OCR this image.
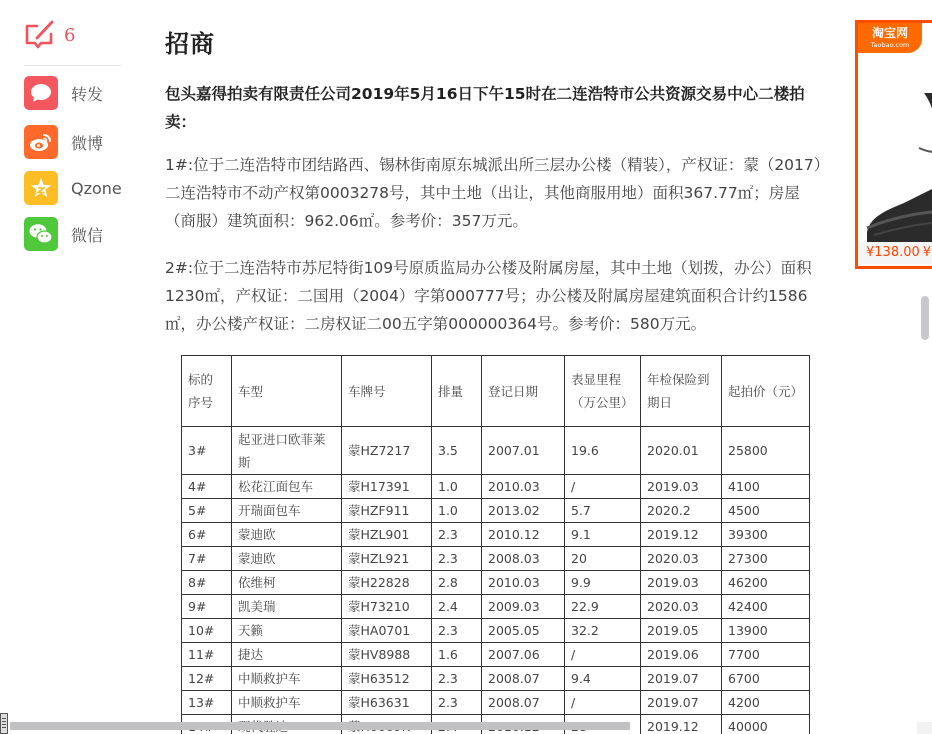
6
转发
微博
Qzone
微信
招商

包头嘉得拍卖有限责任公司2019年5月16日下午15时在二连浩特市公共资源交易中心二楼拍卖：

1#:位于二连浩特市团结路西、锡林街南原东城派出所三层办公楼（精装），产权证：蒙（2017）二连浩特市不动产权第0003278号，其中土地（出让，其他商服用地）面积367.77㎡；房屋（商服）建筑面积：962.06㎡。参考价：357万元。

2#:位于二连浩特市苏尼特街109号原质监局办公楼及附属房屋，其中土地（划拨，办公）面积1230㎡，产权证：二国用（2004）字第000777号；办公楼及附属房屋建筑面积合计约1586㎡，办公楼产权证：二房权证二00五字第000000364号。参考价：580万元。

标的序号	车型	车牌号	排量	登记日期	表显里程（万公里）	年检保险到期日	起拍价（元）
3#	起亚进口欧菲莱斯	蒙HZ7217	3.5	2007.01	19.6	2020.01	25800
4#	松花江面包车	蒙H17391	1.0	2010.03	/	2019.03	4100
5#	开瑞面包车	蒙HZF911	1.0	2013.02	5.7	2020.2	4500
6#	蒙迪欧	蒙HZL901	2.3	2010.12	9.1	2019.12	39300
7#	蒙迪欧	蒙HZL921	2.3	2008.03	20	2020.03	27300
8#	依维柯	蒙H22828	2.8	2010.03	9.9	2019.03	46200
9#	凯美瑞	蒙H73210	2.4	2009.03	22.9	2020.03	42400
10#	天籁	蒙HA0701	2.3	2005.05	32.2	2019.05	13900
11#	捷达	蒙HV8988	1.6	2007.06	/	2019.06	7700
12#	中顺救护车	蒙H63512	2.3	2008.07	9.4	2019.07	6700
13#	中顺救护车	蒙H63631	2.3	2008.07	/	2019.07	4200
						2019.12	40000
淘宝网
Taobao.com
¥138.00 ¥
